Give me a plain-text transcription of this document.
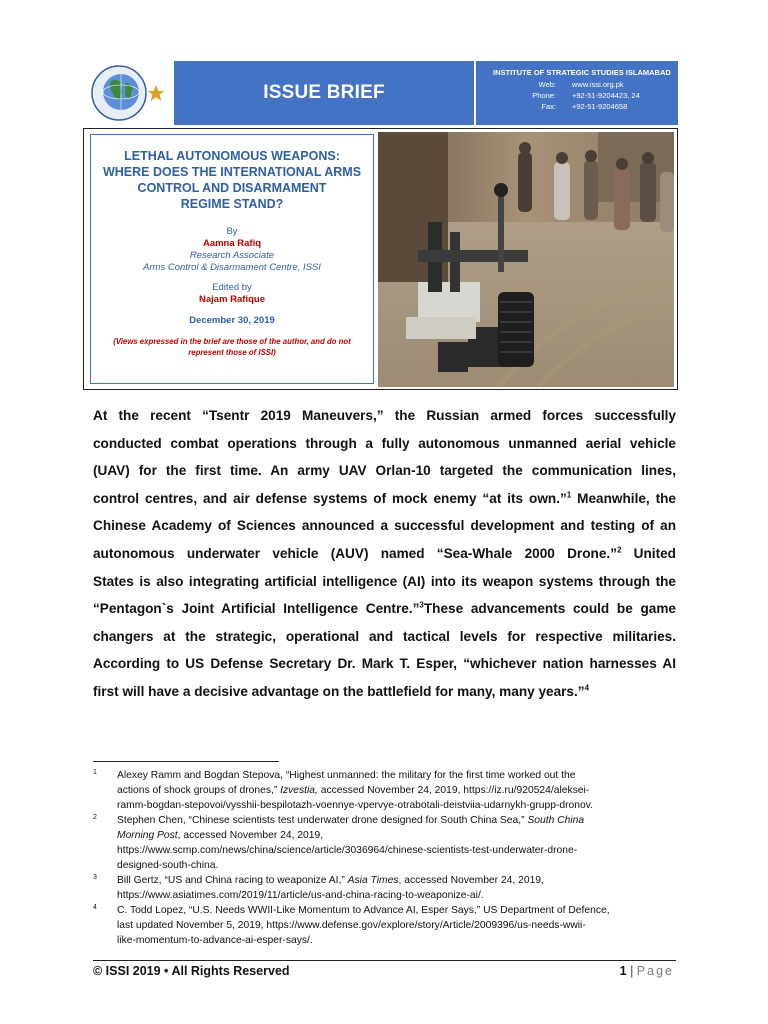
ISSUE BRIEF
INSTITUTE OF STRATEGIC STUDIES ISLAMABAD
Web: www.issi.org.pk
Phone: +92-51-9204423, 24
Fax: +92-51-9204658
LETHAL AUTONOMOUS WEAPONS:
WHERE DOES THE INTERNATIONAL ARMS
CONTROL AND DISARMAMENT
REGIME STAND?
By
Aamna Rafiq
Research Associate
Arms Control & Disarmament Centre, ISSI
Edited by
Najam Rafique
December 30, 2019
(Views expressed in the brief are those of the author, and do not represent those of ISSI)
At the recent “Tsentr 2019 Maneuvers,” the Russian armed forces successfully
conducted combat operations through a fully autonomous unmanned aerial vehicle
(UAV) for the first time. An army UAV Orlan-10 targeted the communication lines,
control centres, and air defense systems of mock enemy “at its own.”$^1$ Meanwhile, the
Chinese Academy of Sciences announced a successful development and testing of an
autonomous underwater vehicle (AUV) named “Sea-Whale 2000 Drone.”$^2$ United
States is also integrating artificial intelligence (AI) into its weapon systems through the
“Pentagon`s Joint Artificial Intelligence Centre.”$^3$These advancements could be game
changers at the strategic, operational and tactical levels for respective militaries.
According to US Defense Secretary Dr. Mark T. Esper, “whichever nation harnesses AI
first will have a decisive advantage on the battlefield for many, many years.”$^4$
1 Alexey Ramm and Bogdan Stepova, “Highest unmanned: the military for the first time worked out the
actions of shock groups of drones,” Izvestia, accessed November 24, 2019, https://iz.ru/920524/aleksei-
ramm-bogdan-stepovoi/vysshii-bespilotazh-voennye-vpervye-otrabotali-deistviia-udarnykh-grupp-dronov.
2 Stephen Chen, “Chinese scientists test underwater drone designed for South China Sea,” South China
Morning Post, accessed November 24, 2019,
https://www.scmp.com/news/china/science/article/3036964/chinese-scientists-test-underwater-drone-
designed-south-china.
3 Bill Gertz, “US and China racing to weaponize AI,” Asia Times, accessed November 24, 2019,
https://www.asiatimes.com/2019/11/article/us-and-china-racing-to-weaponize-ai/.
4 C. Todd Lopez, “U.S. Needs WWII-Like Momentum to Advance AI, Esper Says,” US Department of Defence,
last updated November 5, 2019, https://www.defense.gov/explore/story/Article/2009396/us-needs-wwii-
like-momentum-to-advance-ai-esper-says/.
© ISSI 2019 • All Rights Reserved	1 | Page
